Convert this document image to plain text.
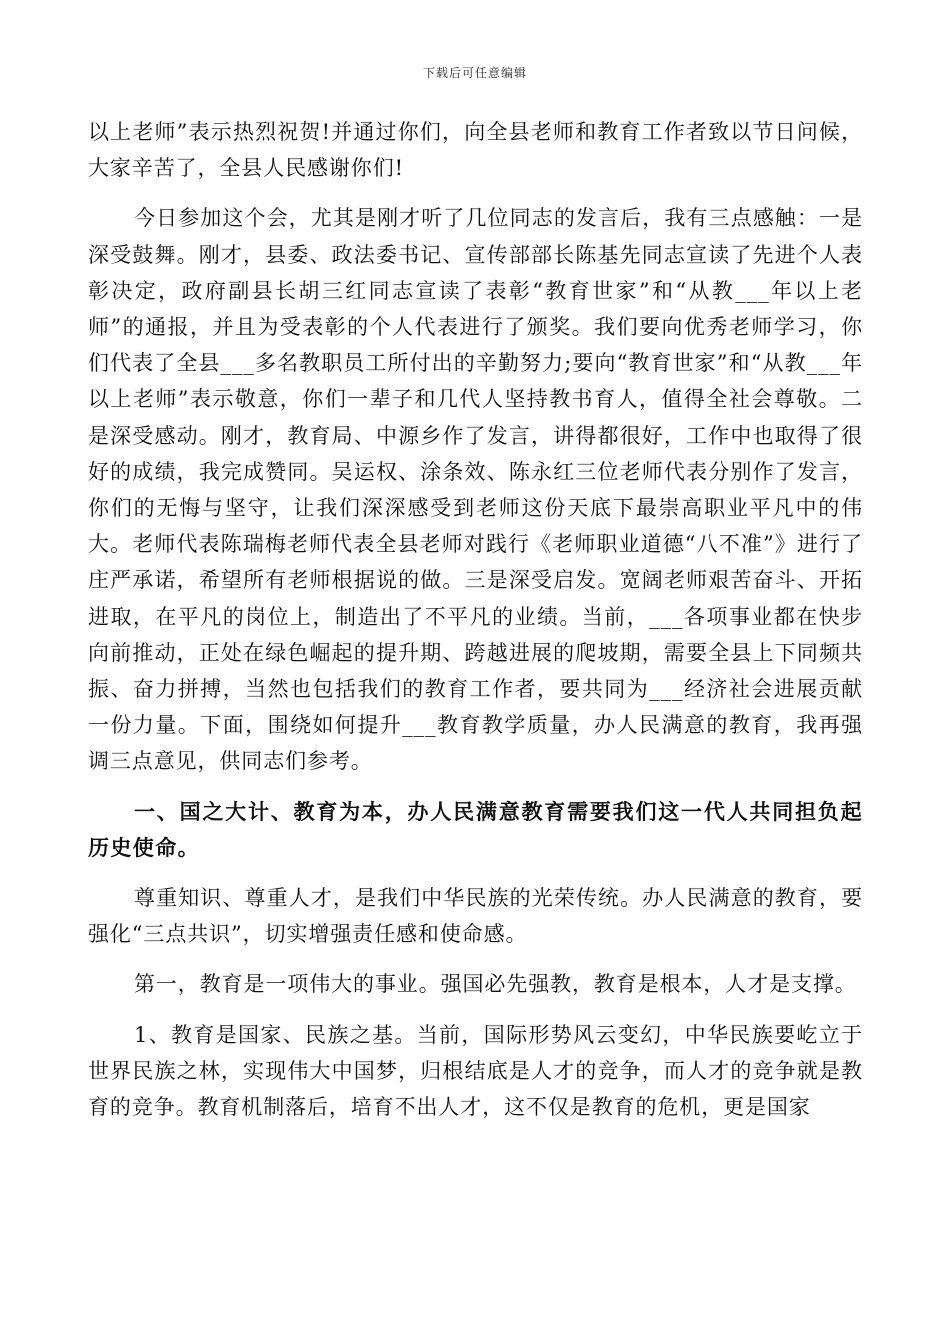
下载后可任意编辑

以上老师”表示热烈祝贺!并通过你们，向全县老师和教育工作者致以节日问候，大家辛苦了，全县人民感谢你们!

今日参加这个会，尤其是刚才听了几位同志的发言后，我有三点感触：一是深受鼓舞。刚才，县委、政法委书记、宣传部部长陈基先同志宣读了先进个人表彰决定，政府副县长胡三红同志宣读了表彰“教育世家”和“从教___年以上老师”的通报，并且为受表彰的个人代表进行了颁奖。我们要向优秀老师学习，你们代表了全县___多名教职员工所付出的辛勤努力;要向“教育世家”和“从教___年以上老师”表示敬意，你们一辈子和几代人坚持教书育人，值得全社会尊敬。二是深受感动。刚才，教育局、中源乡作了发言，讲得都很好，工作中也取得了很好的成绩，我完成赞同。吴运权、涂条效、陈永红三位老师代表分别作了发言，你们的无悔与坚守，让我们深深感受到老师这份天底下最崇高职业平凡中的伟大。老师代表陈瑞梅老师代表全县老师对践行《老师职业道德“八不准”》进行了庄严承诺，希望所有老师根据说的做。三是深受启发。宽阔老师艰苦奋斗、开拓进取，在平凡的岗位上，制造出了不平凡的业绩。当前，___各项事业都在快步向前推动，正处在绿色崛起的提升期、跨越进展的爬坡期，需要全县上下同频共振、奋力拼搏，当然也包括我们的教育工作者，要共同为___经济社会进展贡献一份力量。下面，围绕如何提升___教育教学质量，办人民满意的教育，我再强调三点意见，供同志们参考。

一、国之大计、教育为本，办人民满意教育需要我们这一代人共同担负起历史使命。

尊重知识、尊重人才，是我们中华民族的光荣传统。办人民满意的教育，要强化“三点共识”，切实增强责任感和使命感。

第一，教育是一项伟大的事业。强国必先强教，教育是根本，人才是支撑。

1、教育是国家、民族之基。当前，国际形势风云变幻，中华民族要屹立于世界民族之林，实现伟大中国梦，归根结底是人才的竞争，而人才的竞争就是教育的竞争。教育机制落后，培育不出人才，这不仅是教育的危机，更是国家
